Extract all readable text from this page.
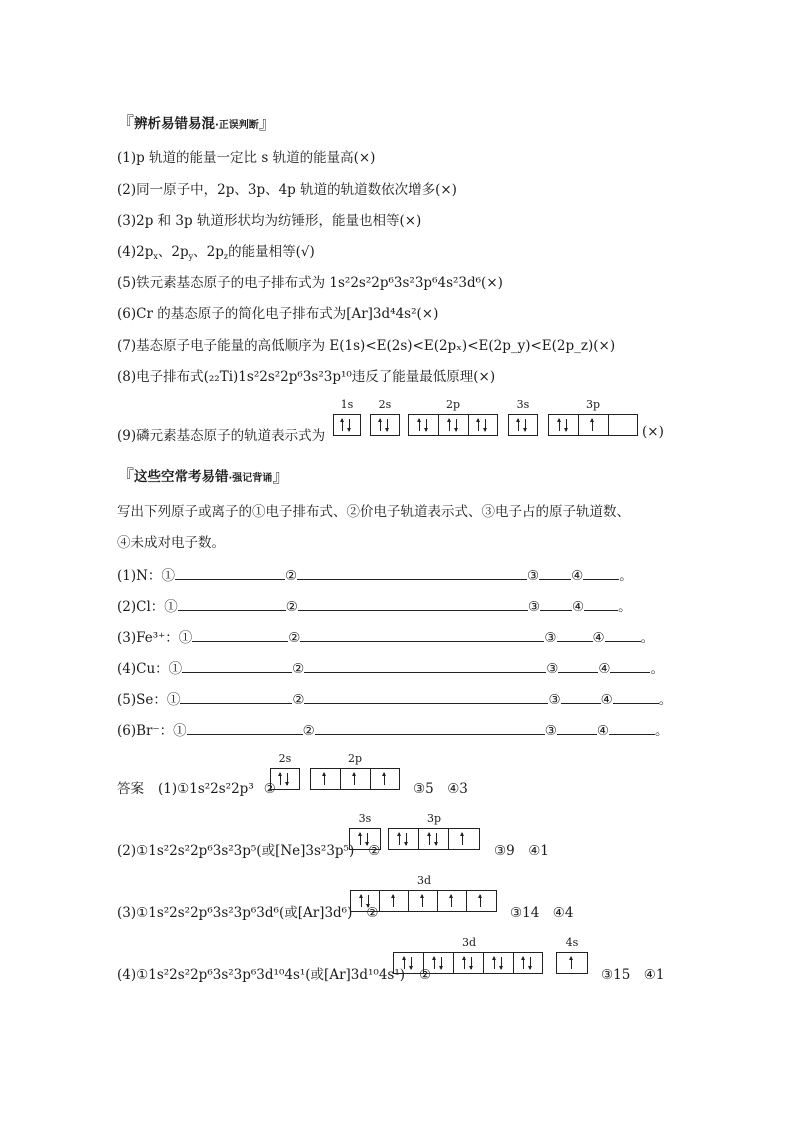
『辨析易错易混·正误判断』
(1)p 轨道的能量一定比 s 轨道的能量高(×)
(2)同一原子中，2p、3p、4p 轨道的轨道数依次增多(×)
(3)2p 和 3p 轨道形状均为纺锤形，能量也相等(×)
$(4)2p_x$、$2p_y$、$2p_z$的能量相等(√)
(5)铁元素基态原子的电子排布式为 1s²2s²2p⁶3s²3p⁶4s²3d⁶(×)
(6)Cr 的基态原子的简化电子排布式为[Ar]3d⁴4s²(×)
(7)基态原子电子能量的高低顺序为 E(1s)<E(2s)<E(2pₓ)<E(2p_y)<E(2p_z)(×)
(8)电子排布式(₂₂Ti)1s²2s²2p⁶3s²3p¹⁰违反了能量最低原理(×)
(9)磷元素基态原子的轨道表示式为
1s	2s	2p	3s	3p
(×)
『这些空常考易错·强记背诵』
写出下列原子或离子的①电子排布式、②价电子轨道表示式、③电子占的原子轨道数、
④未成对电子数。
(1)N：①	②	③ ④	。
(2)Cl：①	②	③ ④	。
(3)Fe³⁺：①	②	③	④	。
(4)Cu：①	②	③	④	。
(5)Se：①	②	③	④	。
(6)Br⁻：①	②	③	④	。
答案 (1)①1s²2s²2p³ ②
2s	2p
③5　④3
(2)①1s²2s²2p⁶3s²3p⁵(或[Ne]3s²3p⁵) ②
3s	3p
③9　④1
(3)①1s²2s²2p⁶3s²3p⁶3d⁶(或[Ar]3d⁶) ②
3d
③14　④4
(4)①1s²2s²2p⁶3s²3p⁶3d¹⁰4s¹(或[Ar]3d¹⁰4s¹) ②
3d	4s
③15　④1
